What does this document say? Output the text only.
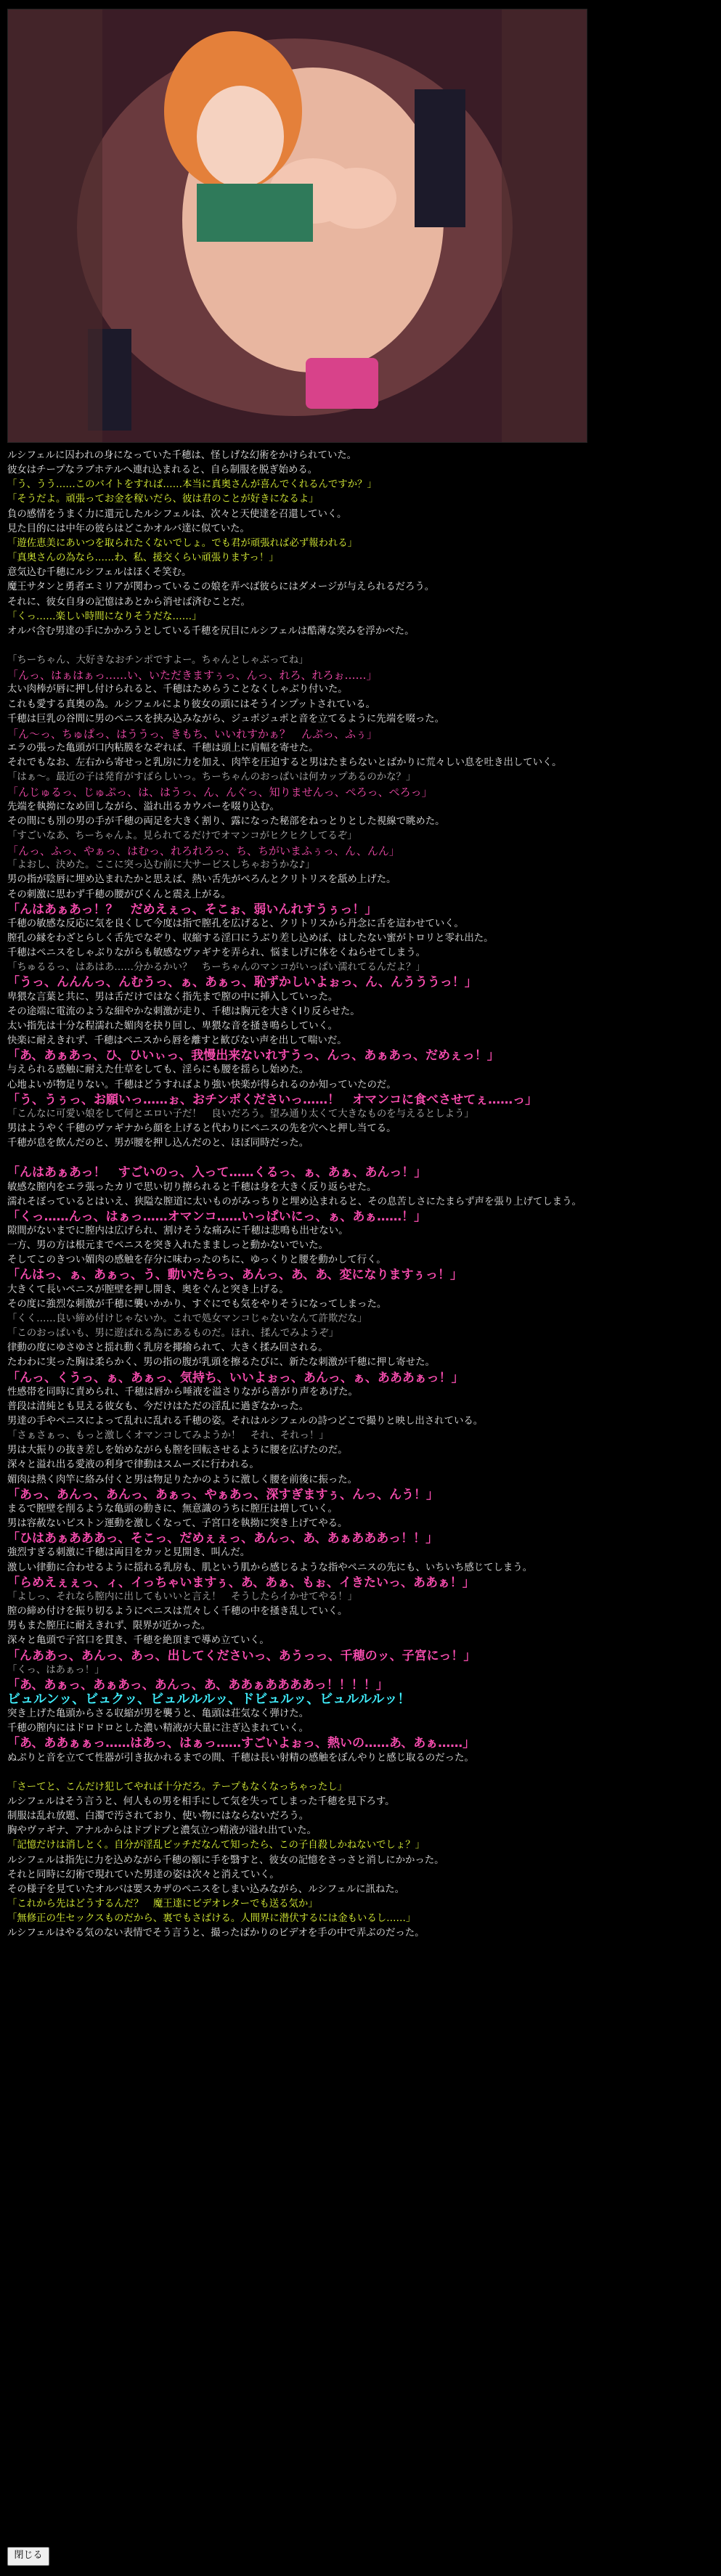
ルシフェルに囚われの身になっていた千穂は、怪しげな幻術をかけられていた。
彼女はチープなラブホテルへ連れ込まれると、自ら制服を脱ぎ始める。
「う、うう……このバイトをすれば……本当に真奥さんが喜んでくれるんですか？」
「そうだよ。頑張ってお金を稼いだら、彼は君のことが好きになるよ」
負の感情をうまく力に還元したルシフェルは、次々と天使達を召還していく。
見た目的には中年の彼らはどこかオルバ達に似ていた。
「遊佐恵美にあいつを取られたくないでしょ。でも君が頑張れば必ず報われる」
「真奥さんの為なら……わ、私、援交くらい頑張りますっ！」
意気込む千穂にルシフェルはほくそ笑む。
魔王サタンと勇者エミリアが関わっているこの娘を弄べば彼らにはダメージが与えられるだろう。
それに、彼女自身の記憶はあとから消せば済むことだ。
「くっ……楽しい時間になりそうだな……」
オルバ含む男達の手にかかろうとしている千穂を尻目にルシフェルは酷薄な笑みを浮かべた。
「ちーちゃん、大好きなおチンポですよー。ちゃんとしゃぶってね」
「んっ、はぁはぁっ……い、いただきますぅっ、んっ、れろ、れろぉ……」
太い肉棒が唇に押し付けられると、千穂はためらうことなくしゃぶり付いた。
これも愛する真奥の為。ルシフェルにより彼女の頭にはそうインプットされている。
千穂は巨乳の谷間に男のペニスを挟み込みながら、ジュポジュポと音を立てるように先端を啜った。
「ん～っ、ちゅぱっ、はううっ、きもち、いいれすかぁ？　んぷっ、ふぅ」
エラの張った亀頭が口内粘膜をなぞれば、千穂は頭上に肩幅を寄せた。
それでもなお、左右から寄せっと乳房に力を加え、肉竿を圧迫すると男はたまらないとばかりに荒々しい息を吐き出していく。
「はぁ～。最近の子は発育がすばらしいっ。ちーちゃんのおっぱいは何カップあるのかな？」
「んじゅるっ、じゅぷっ、は、はうっ、ん、んぐっ、知りませんっ、ぺろっ、ぺろっ」
先端を執拗になめ回しながら、溢れ出るカウパーを啜り込む。
その間にも別の男の手が千穂の両足を大きく割り、露になった秘部をねっとりとした視線で眺めた。
「すごいなあ、ちーちゃんよ。見られてるだけでオマンコがヒクヒクしてるぞ」
「んっ、ふっ、やぁっ、はむっ、れろれろっ、ち、ちがいまふぅっ、ん、んん」
「よおし、決めた。ここに突っ込む前に大サービスしちゃおうかな♪」
男の指が陰唇に埋め込まれたかと思えば、熱い舌先がぺろんとクリトリスを舐め上げた。
その刺激に思わず千穂の腰がびくんと震え上がる。
「んはあぁあっ！？　だめえぇっ、そこぉ、弱いんれすうぅっ！」
千穂の敏感な反応に気を良くして今度は指で膣孔を広げると、クリトリスから丹念に舌を這わせていく。
膣孔の縁をわざとらしく舌先でなぞり、収縮する淫口にうぶり差し込めば、はしたない蜜がトロリと零れ出た。
千穂はペニスをしゃぶりながらも敏感なヴァギナを弄られ、悩ましげに体をくねらせてしまう。
「ちゅるるっ、はあはあ……分かるかい？　ちーちゃんのマンコがいっぱい濡れてるんだよ？」
「うっ、んんんっ、んむうっ、ぁ、あぁっ、恥ずかしいよぉっ、ん、んうううっ！」
卑猥な言葉と共に、男は舌だけではなく指先まで膣の中に挿入していった。
その途端に電流のような細やかな刺激が走り、千穂は胸元を大きくIり反らせた。
太い指先は十分な程濡れた媚肉を抉り回し、卑猥な音を掻き鳴らしていく。
快楽に耐えきれず、千穂はペニスから唇を離すと歓びない声を出して喘いだ。
「あ、あぁあっ、ひ、ひいぃっ、我慢出来ないれすうっ、んっ、あぁあっ、だめぇっ！」
与えられる感触に耐えた仕草をしても、淫らにも腰を揺らし始めた。
心地よいが物足りない。千穂はどうすればより強い快楽が得られるのか知っていたのだ。
「う、うぅっ、お願いっ……ぉ、おチンポくださいっ……！　オマンコに食べさせてぇ……っ」
「こんなに可愛い娘をして何とエロい子だ！　良いだろう。望み通り太くて大きなものを与えるとしよう」
男はようやく千穂のヴァギナから顔を上げると代わりにペニスの先を穴へと押し当てる。
千穂が息を飲んだのと、男が腰を押し込んだのと、ほぼ同時だった。
「んはあぁあっ！　すごいのっ、入って……くるっ、ぁ、あぁ、あんっ！」
敏感な膣内をエラ張ったカリで思い切り擦られると千穂は身を大きく反り返らせた。
濡れそぼっているとはいえ、狭隘な膣道に太いものがみっちりと埋め込まれると、その息苦しさにたまらず声を張り上げてしまう。
「くっ……んっ、はぁっ……オマンコ……いっぱいにっ、ぁ、あぁ……！」
隙間がないまでに膣内は広げられ、割けそうな痛みに千穂は悲鳴も出せない。
一方、男の方は根元までペニスを突き入れたまましっと動かないでいた。
そしてこのきつい媚肉の感触を存分に味わったのちに、ゆっくりと腰を動かして行く。
「んはっ、ぁ、あぁっ、う、動いたらっ、あんっ、あ、あ、変になりますぅっ！」
大きくて長いペニスが膣壁を押し開き、奥をぐんと突き上げる。
その度に強烈な刺激が千穂に襲いかかり、すぐにでも気をやりそうになってしまった。
「くく……良い締め付けじゃないか。これで処女マンコじゃないなんて許欺だな」
「このおっぱいも、男に遊ばれる為にあるものだ。ほれ、揉んでみようぞ」
律動の度にゆさゆさと揺れ動く乳房を揶揄られて、大きく揉み回される。
たわわに実った胸は柔らかく、男の指の腹が乳頭を擦るたびに、新たな刺激が千穂に押し寄せた。
「んっ、くうっ、ぁ、あぁっ、気持ち、いいよぉっ、あんっ、ぁ、あああぁっ！」
性感帯を同時に責められ、千穂は唇から唾液を溢さりながら善がり声をあげた。
普段は清純とも見える彼女も、今だけはただの淫乱に過ぎなかった。
男達の手やペニスによって乱れに乱れる千穂の姿。それはルシフェルの詩つどこで撮りと映し出されている。
「さぁさぁっ、もっと激しくオマンコしてみようか！　それ、それっ！」
男は大振りの抜き差しを始めながらも膣を回転させるように腰を広げたのだ。
深々と溢れ出る愛液の利身で律動はスムーズに行われる。
媚肉は熱く肉竿に絡み付くと男は物足りたかのように激しく腰を前後に振った。
「あっ、あんっ、あんっ、あぁっ、やぁあっ、深すぎますぅ、んっ、んう！」
まるで膣壁を削るような亀頭の動きに、無意識のうちに膣圧は増していく。
男は容赦ないピストン運動を激しくなって、子宮口を執拗に突き上げてやる。
「ひはあぁあああっ、そこっ、だめぇぇっ、あんっ、あ、あぁあああっ！！」
強烈すぎる刺激に千穂は両目をカッと見開き、叫んだ。
激しい律動に合わせるように揺れる乳房も、肌という肌から感じるような指やペニスの先にも、いちいち感じてしまう。
「らめえぇぇっ、ィ、イっちゃいますぅ、あ、あぁ、もぉ、イきたいっ、ああぁ！」
「よしっ、それなら膣内に出してもいいと言え！　そうしたらイかせてやる！」
膣の締め付けを振り切るようにペニスは荒々しく千穂の中を掻き乱していく。
男もまた膣圧に耐えきれず、限界が近かった。
深々と亀頭で子宮口を貫き、千穂を絶頂まで導め立ていく。
「んああっ、あんっ、あっ、出してくださいっ、あうっっ、千穂のッ、子宮にっ！」
「くっ、はあぁっ！」
「あ、あぁっ、あぁあっ、あんっ、あ、ああぁああああっ！！！！」
ビュルンッ、ビュクッ、ビュルルルッ、ドビュルッ、ビュルルルッ！
突き上げた亀頭からさる収縮が男を襲うと、亀頭は荘気なく弾けた。
千穂の膣内にはドロドロとした濃い精液が大量に注ぎ込まれていく。
「あ、ああぁぁっ……はあっ、はぁっ……すごいよぉっ、熱いの……あ、あぁ……」
ぬぷりと音を立てて性器が引き抜かれるまでの間、千穂は長い射精の感触をぼんやりと感じ取るのだった。
「さーてと、こんだけ犯してやれば十分だろ。テープもなくなっちゃったし」
ルシフェルはそう言うと、何人もの男を相手にして気を失ってしまった千穂を見下ろす。
制服は乱れ放題、白濁で汚されており、使い物にはならないだろう。
胸やヴァギナ、アナルからはドプドプと濃気立つ精液が溢れ出ていた。
「記憶だけは消しとく。自分が淫乱ビッチだなんて知ったら、この子自殺しかねないでしょ？」
ルシフェルは指先に力を込めながら千穂の額に手を翳すと、彼女の記憶をさっさと消しにかかった。
それと同時に幻術で現れていた男達の姿は次々と消えていく。
その様子を見ていたオルバは要スカザのペニスをしまい込みながら、ルシフェルに訊ねた。
「これから先はどうするんだ？　魔王達にビデオレターでも送る気か」
「無修正の生セックスものだから、裏でもさばける。人間界に潜伏するには金もいるし……」
ルシフェルはやる気のない表情でそう言うと、撮ったばかりのビデオを手の中で弄ぶのだった。
閉じる
